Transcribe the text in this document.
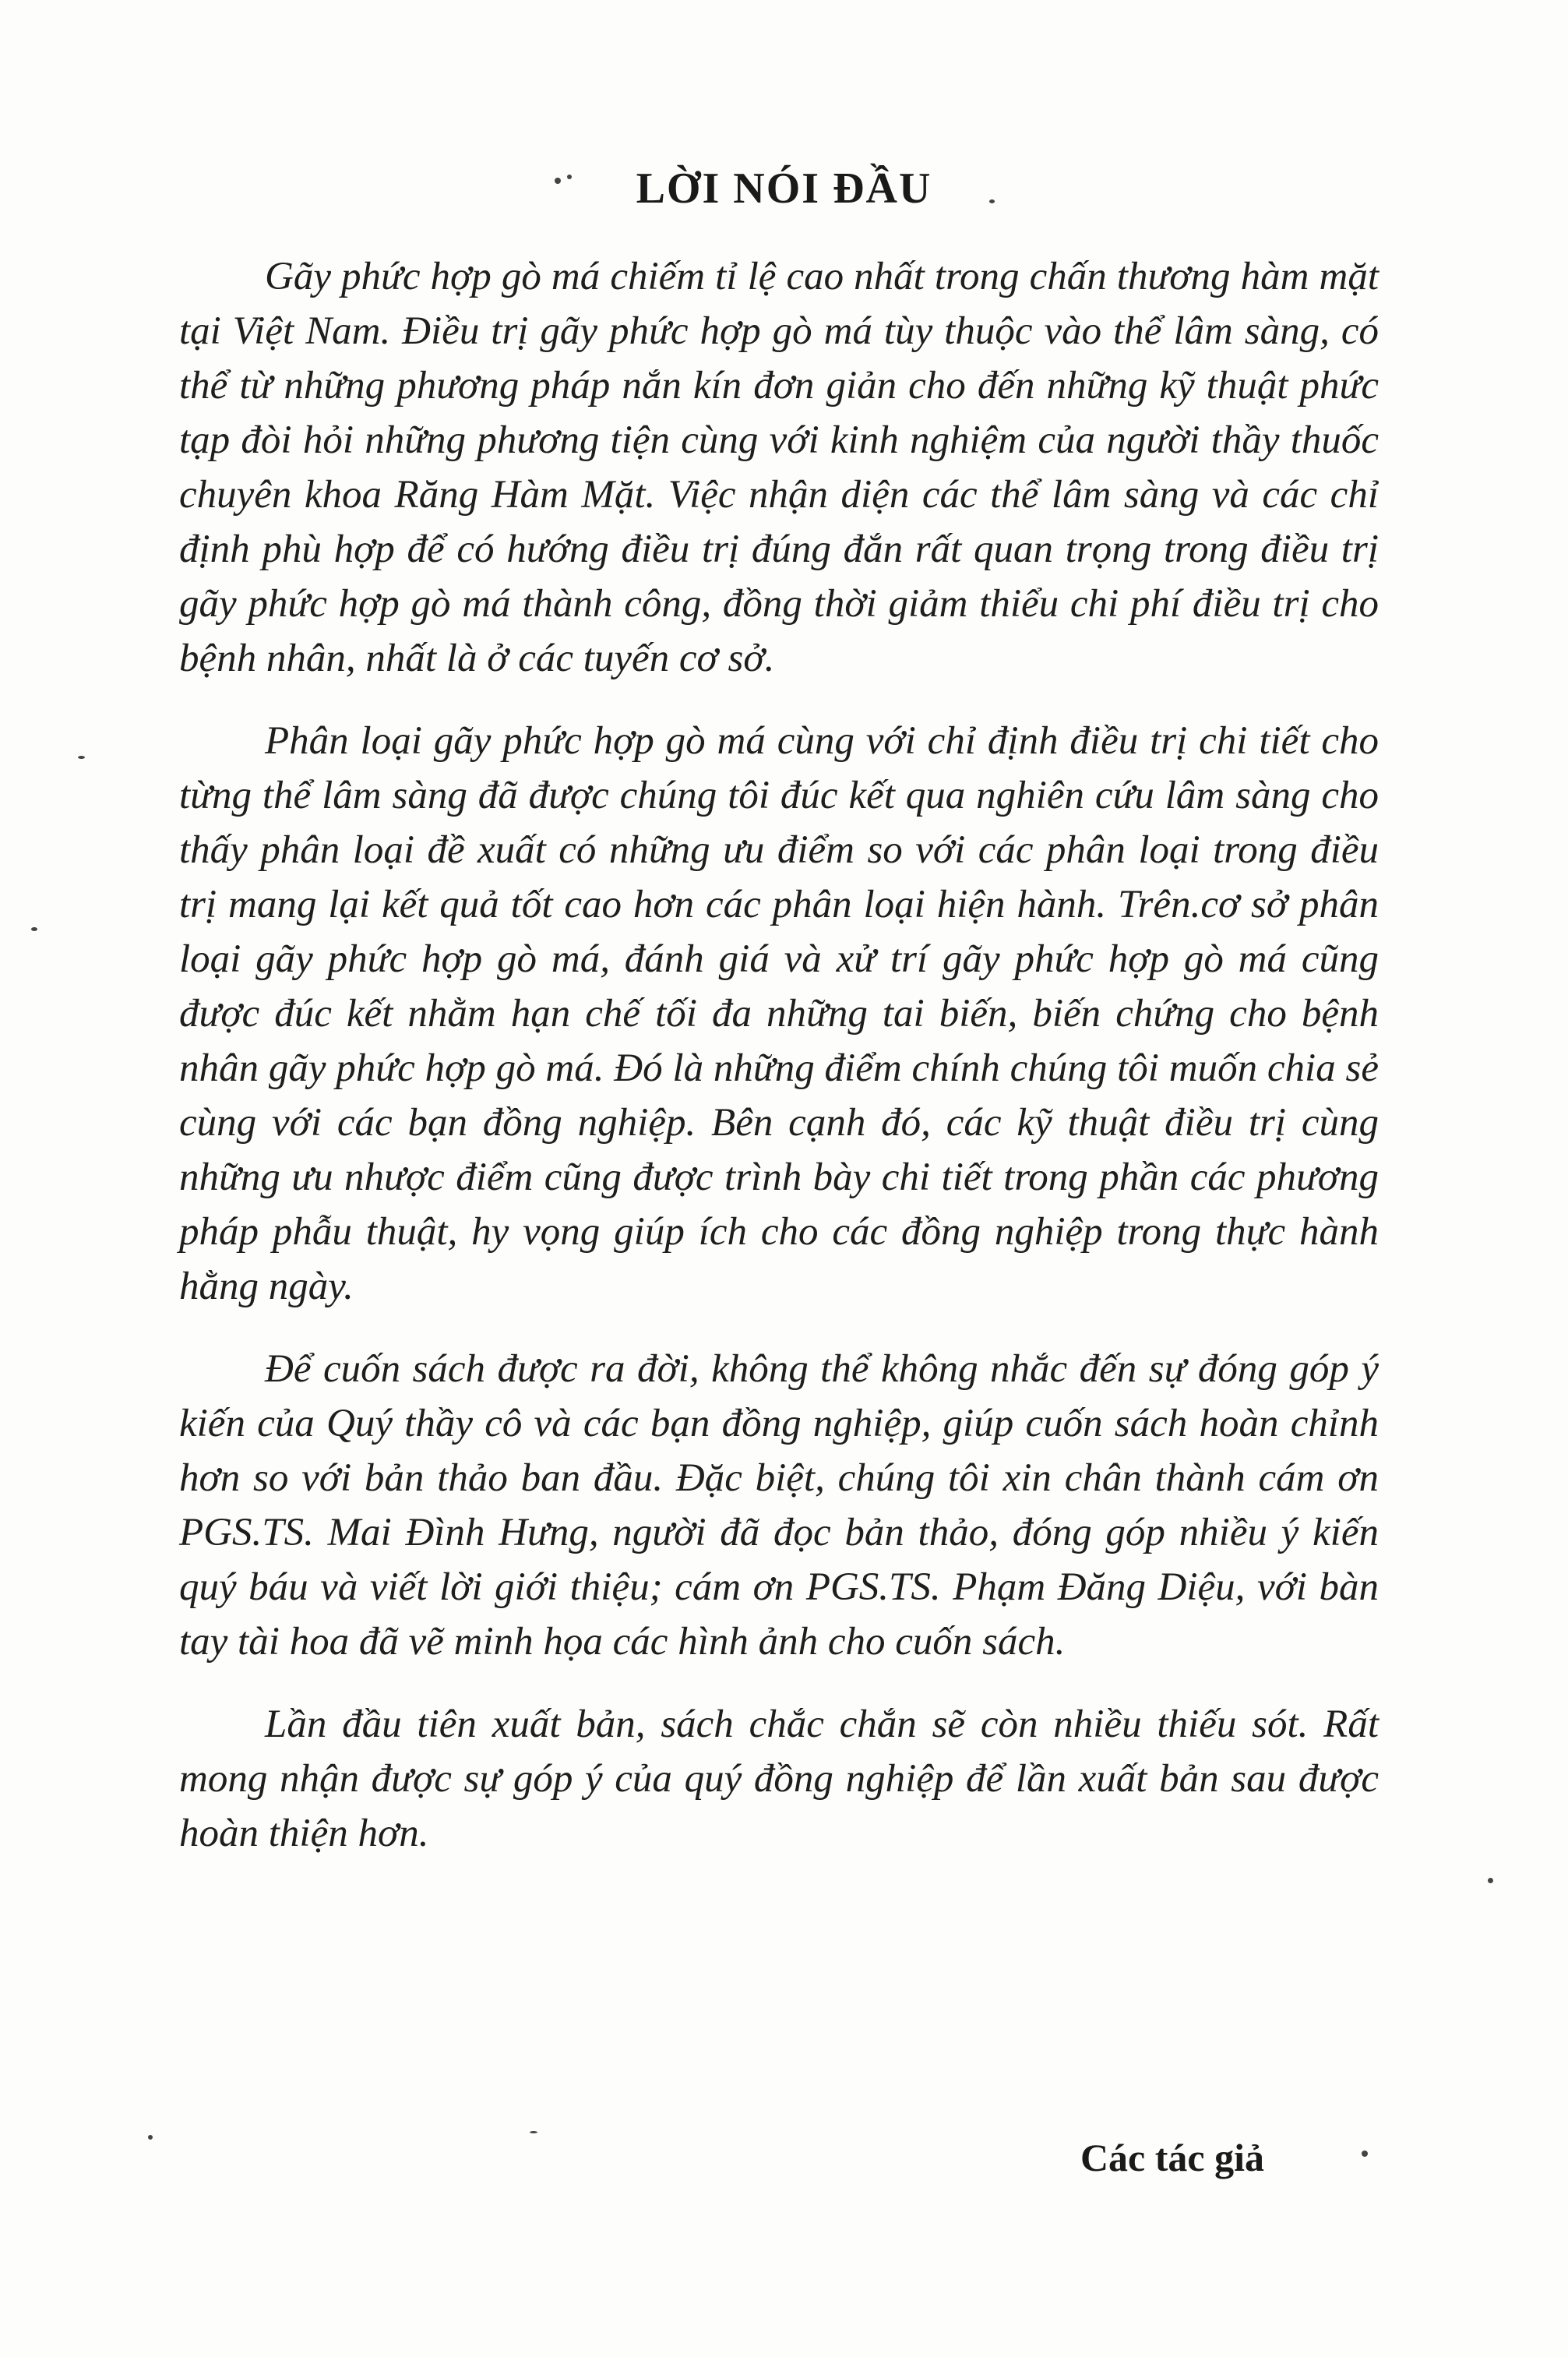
LỜI NÓI ĐẦU

Gãy phức hợp gò má chiếm tỉ lệ cao nhất trong chấn thương hàm mặt tại Việt Nam. Điều trị gãy phức hợp gò má tùy thuộc vào thể lâm sàng, có thể từ những phương pháp nắn kín đơn giản cho đến những kỹ thuật phức tạp đòi hỏi những phương tiện cùng với kinh nghiệm của người thầy thuốc chuyên khoa Răng Hàm Mặt. Việc nhận diện các thể lâm sàng và các chỉ định phù hợp để có hướng điều trị đúng đắn rất quan trọng trong điều trị gãy phức hợp gò má thành công, đồng thời giảm thiểu chi phí điều trị cho bệnh nhân, nhất là ở các tuyến cơ sở.

Phân loại gãy phức hợp gò má cùng với chỉ định điều trị chi tiết cho từng thể lâm sàng đã được chúng tôi đúc kết qua nghiên cứu lâm sàng cho thấy phân loại đề xuất có những ưu điểm so với các phân loại trong điều trị mang lại kết quả tốt cao hơn các phân loại hiện hành. Trên.cơ sở phân loại gãy phức hợp gò má, đánh giá và xử trí gãy phức hợp gò má cũng được đúc kết nhằm hạn chế tối đa những tai biến, biến chứng cho bệnh nhân gãy phức hợp gò má. Đó là những điểm chính chúng tôi muốn chia sẻ cùng với các bạn đồng nghiệp. Bên cạnh đó, các kỹ thuật điều trị cùng những ưu nhược điểm cũng được trình bày chi tiết trong phần các phương pháp phẫu thuật, hy vọng giúp ích cho các đồng nghiệp trong thực hành hằng ngày.

Để cuốn sách được ra đời, không thể không nhắc đến sự đóng góp ý kiến của Quý thầy cô và các bạn đồng nghiệp, giúp cuốn sách hoàn chỉnh hơn so với bản thảo ban đầu. Đặc biệt, chúng tôi xin chân thành cám ơn PGS.TS. Mai Đình Hưng, người đã đọc bản thảo, đóng góp nhiều ý kiến quý báu và viết lời giới thiệu; cám ơn PGS.TS. Phạm Đăng Diệu, với bàn tay tài hoa đã vẽ minh họa các hình ảnh cho cuốn sách.

Lần đầu tiên xuất bản, sách chắc chắn sẽ còn nhiều thiếu sót. Rất mong nhận được sự góp ý của quý đồng nghiệp để lần xuất bản sau được hoàn thiện hơn.

Các tác giả
